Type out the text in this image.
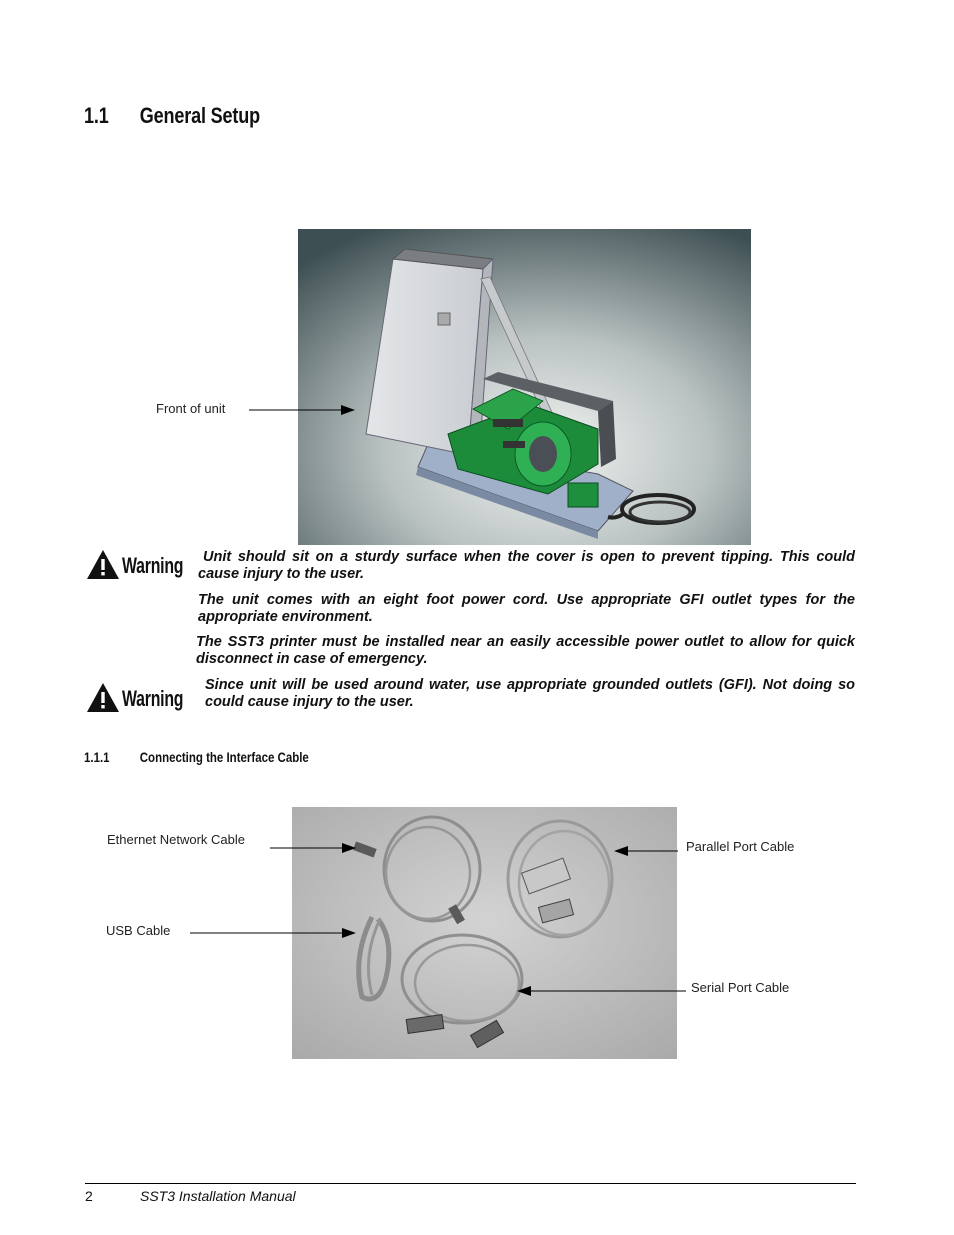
1.1 General Setup
Front of unit
Warning	Unit should sit on a sturdy surface when the cover is open to prevent tipping. This could cause injury to the user.
The unit comes with an eight foot power cord. Use appropriate GFI outlet types for the appropriate environment.
The SST3 printer must be installed near an easily accessible power outlet to allow for quick disconnect in case of emergency.
Warning
Since unit will be used around water, use appropriate grounded outlets (GFI). Not doing so could cause injury to the user.
1.1.1 Connecting the Interface Cable
Ethernet Network Cable
USB Cable
Parallel Port Cable
Serial Port Cable
2	SST3 Installation Manual
